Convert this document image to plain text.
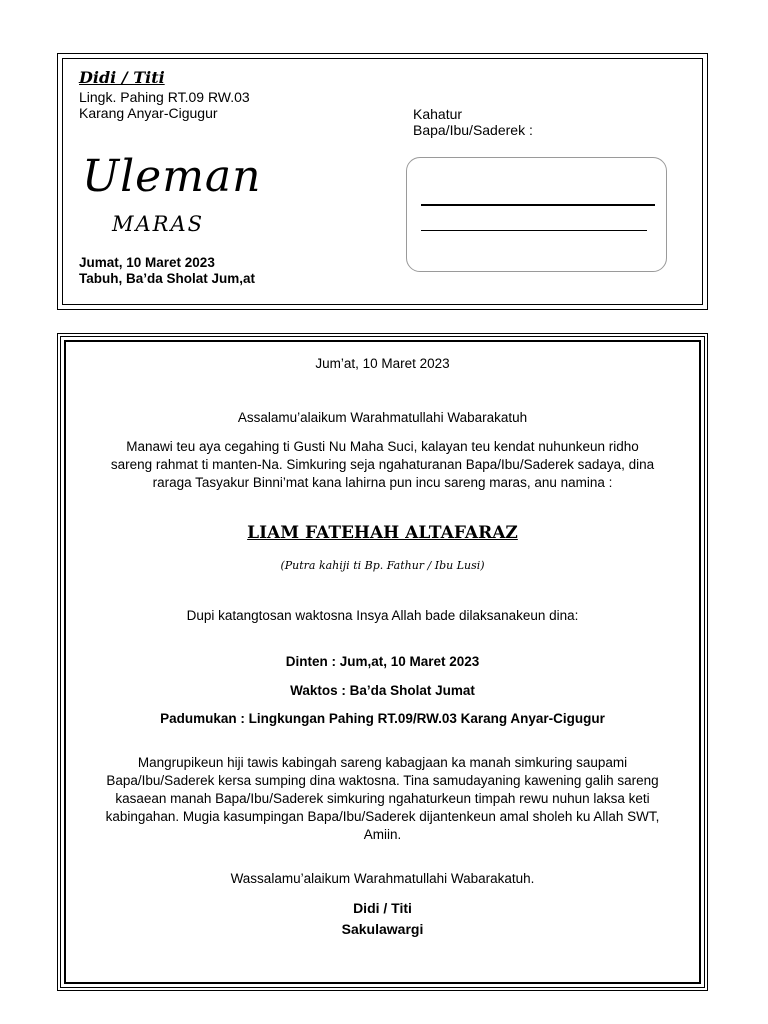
Didi / Titi
Lingk. Pahing RT.09 RW.03
Karang Anyar-Cigugur	Kahatur
Bapa/Ibu/Saderek :
Uleman
MARAS
Jumat, 10 Maret 2023
Tabuh, Ba’da Sholat Jum,at
Jum’at, 10 Maret 2023
Assalamu’alaikum Warahmatullahi Wabarakatuh
Manawi teu aya cegahing ti Gusti Nu Maha Suci, kalayan teu kendat nuhunkeun ridho
sareng rahmat ti manten-Na. Simkuring seja ngahaturanan Bapa/Ibu/Saderek sadaya, dina
raraga Tasyakur Binni’mat kana lahirna pun incu sareng maras, anu namina :
LIAM FATEHAH ALTAFARAZ
(Putra kahiji ti Bp. Fathur / Ibu Lusi)
Dupi katangtosan waktosna Insya Allah bade dilaksanakeun dina:
Dinten : Jum,at, 10 Maret 2023
Waktos : Ba’da Sholat Jumat
Padumukan : Lingkungan Pahing RT.09/RW.03 Karang Anyar-Cigugur
Mangrupikeun hiji tawis kabingah sareng kabagjaan ka manah simkuring saupami
Bapa/Ibu/Saderek kersa sumping dina waktosna. Tina samudayaning kawening galih sareng
kasaean manah Bapa/Ibu/Saderek simkuring ngahaturkeun timpah rewu nuhun laksa keti
kabingahan. Mugia kasumpingan Bapa/Ibu/Saderek dijantenkeun amal sholeh ku Allah SWT,
Amiin.
Wassalamu’alaikum Warahmatullahi Wabarakatuh.
Didi / Titi
Sakulawargi
